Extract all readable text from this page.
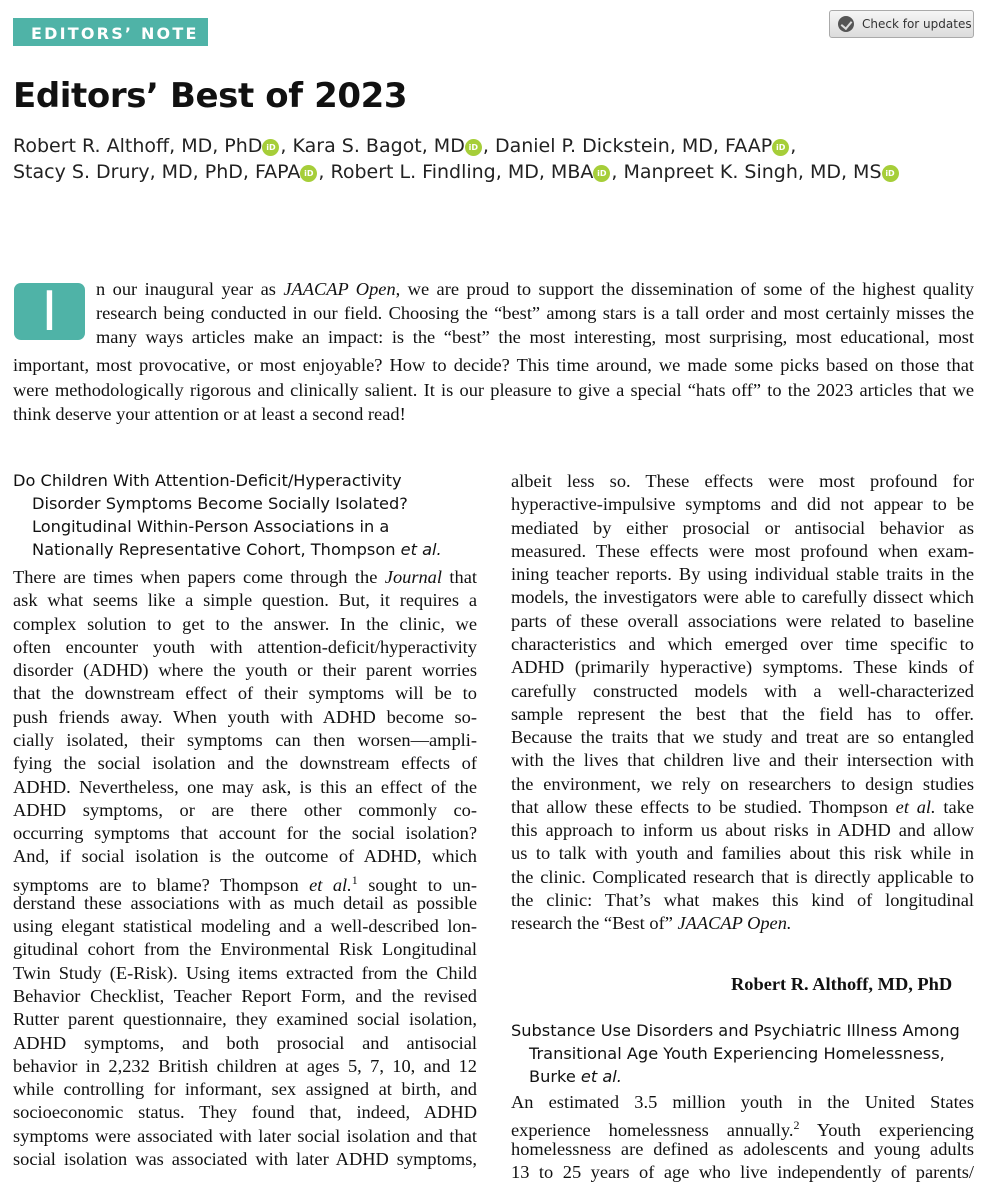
EDITORS’ NOTE	Check for updates
Editors’ Best of 2023

Robert R. Althoff, MD, PhD iD , Kara S. Bagot, MD iD , Daniel P. Dickstein, MD, FAAP iD ,

Stacy S. Drury, MD, PhD, FAPA iD , Robert L. Findling, MD, MBA iD , Manpreet K. Singh, MD, MS iD

I	n our inaugural year as JAACAP Open, we are proud to support the dissemination of some of the highest quality

research being conducted in our field. Choosing the “best” among stars is a tall order and most certainly misses the

many ways articles make an impact: is the “best” the most interesting, most surprising, most educational, most

important, most provocative, or most enjoyable? How to decide? This time around, we made some picks based on those that

were methodologically rigorous and clinically salient. It is our pleasure to give a special “hats off” to the 2023 articles that we

think deserve your attention or at least a second read!

Do Children With Attention-Deficit/Hyperactivity

Disorder Symptoms Become Socially Isolated?

Longitudinal Within-Person Associations in a

Nationally Representative Cohort, Thompson et al.

There are times when papers come through the Journal that

ask what seems like a simple question. But, it requires a

complex solution to get to the answer. In the clinic, we

often encounter youth with attention-deficit/hyperactivity

disorder (ADHD) where the youth or their parent worries

that the downstream effect of their symptoms will be to

push friends away. When youth with ADHD become so-

cially isolated, their symptoms can then worsen—ampli-

fying the social isolation and the downstream effects of

ADHD. Nevertheless, one may ask, is this an effect of the

ADHD symptoms, or are there other commonly co-

occurring symptoms that account for the social isolation?

And, if social isolation is the outcome of ADHD, which

symptoms are to blame? Thompson et al.$^1$ sought to un-

derstand these associations with as much detail as possible

using elegant statistical modeling and a well-described lon-

gitudinal cohort from the Environmental Risk Longitudinal

Twin Study (E-Risk). Using items extracted from the Child

Behavior Checklist, Teacher Report Form, and the revised

Rutter parent questionnaire, they examined social isolation,

ADHD symptoms, and both prosocial and antisocial

behavior in 2,232 British children at ages 5, 7, 10, and 12

while controlling for informant, sex assigned at birth, and

socioeconomic status. They found that, indeed, ADHD

symptoms were associated with later social isolation and that

social isolation was associated with later ADHD symptoms,

albeit less so. These effects were most profound for

hyperactive-impulsive symptoms and did not appear to be

mediated by either prosocial or antisocial behavior as

measured. These effects were most profound when exam-

ining teacher reports. By using individual stable traits in the

models, the investigators were able to carefully dissect which

parts of these overall associations were related to baseline

characteristics and which emerged over time specific to

ADHD (primarily hyperactive) symptoms. These kinds of

carefully constructed models with a well-characterized

sample represent the best that the field has to offer.

Because the traits that we study and treat are so entangled

with the lives that children live and their intersection with

the environment, we rely on researchers to design studies

that allow these effects to be studied. Thompson et al. take

this approach to inform us about risks in ADHD and allow

us to talk with youth and families about this risk while in

the clinic. Complicated research that is directly applicable to

the clinic: That’s what makes this kind of longitudinal

research the “Best of” JAACAP Open.

Robert R. Althoff, MD, PhD

Substance Use Disorders and Psychiatric Illness Among

Transitional Age Youth Experiencing Homelessness,

Burke et al.

An estimated 3.5 million youth in the United States

experience homelessness annually.$^2$ Youth experiencing

homelessness are defined as adolescents and young adults

13 to 25 years of age who live independently of parents/
